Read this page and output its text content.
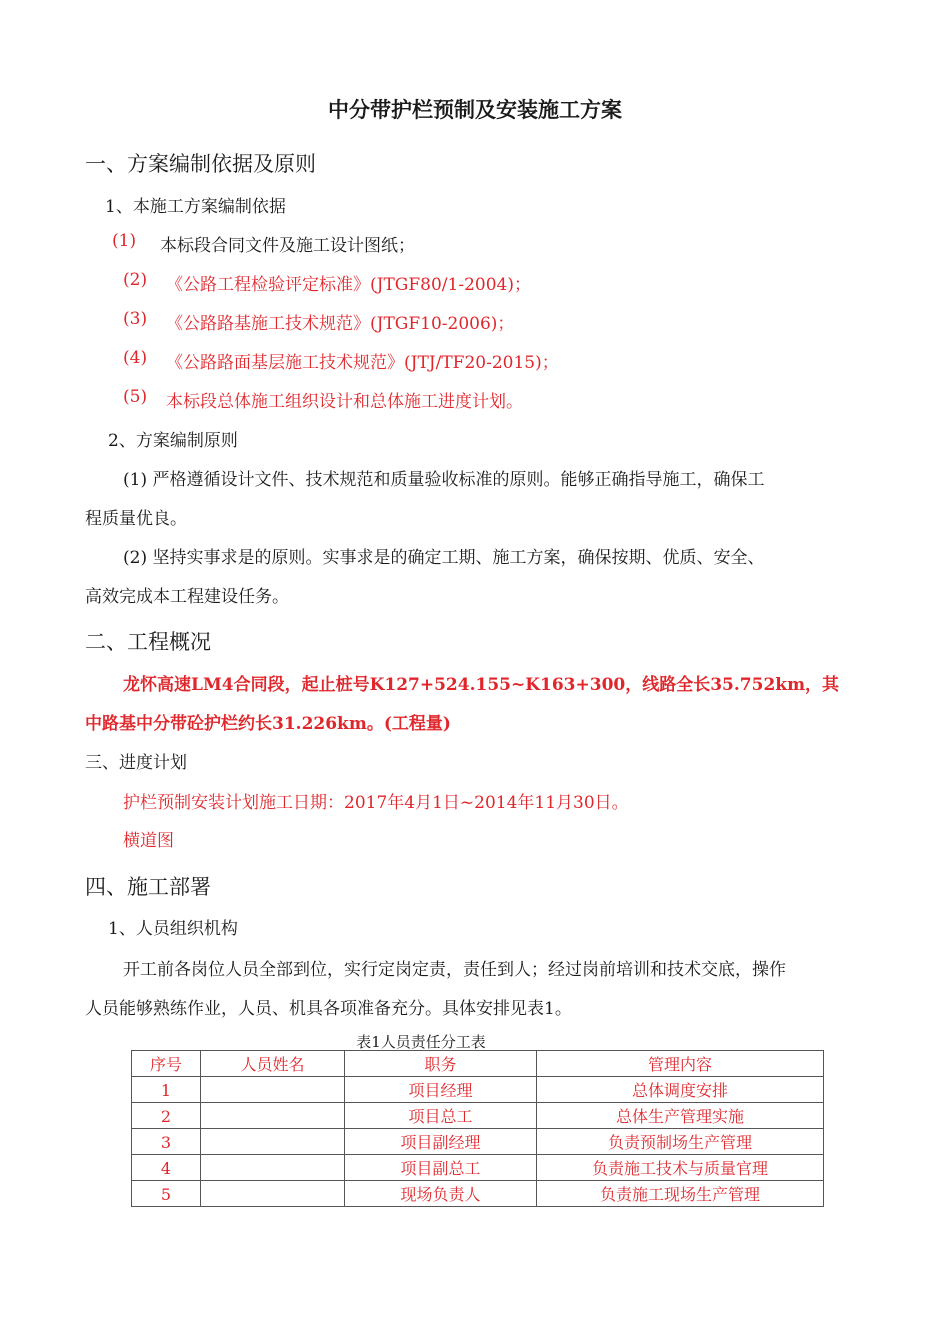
中分带护栏预制及安装施工方案
一、方案编制依据及原则
1、本施工方案编制依据
(1) 本标段合同文件及施工设计图纸；
(2) 《公路工程检验评定标准》(JTGF80/1-2004)；
(3) 《公路路基施工技术规范》(JTGF10-2006)；
(4) 《公路路面基层施工技术规范》(JTJ/TF20-2015)；
(5) 本标段总体施工组织设计和总体施工进度计划。
2、方案编制原则
(1) 严格遵循设计文件、技术规范和质量验收标准的原则。能够正确指导施工，确保工
程质量优良。
(2) 坚持实事求是的原则。实事求是的确定工期、施工方案，确保按期、优质、安全、
高效完成本工程建设任务。
二、工程概况
龙怀高速LM4合同段，起止桩号K127+524.155~K163+300，线路全长35.752km，其
中路基中分带砼护栏约长31.226km。(工程量)
三、进度计划
护栏预制安装计划施工日期：2017年4月1日~2014年11月30日。
横道图
四、施工部署
1、人员组织机构
开工前各岗位人员全部到位，实行定岗定责，责任到人；经过岗前培训和技术交底，操作
人员能够熟练作业，人员、机具各项准备充分。具体安排见表1。
表1人员责任分工表
序号	人员姓名	职务	管理内容
1		项目经理	总体调度安排
2		项目总工	总体生产管理实施
3		项目副经理	负责预制场生产管理
4		项目副总工	负责施工技术与质量官理
5		现场负责人	负责施工现场生产管理
